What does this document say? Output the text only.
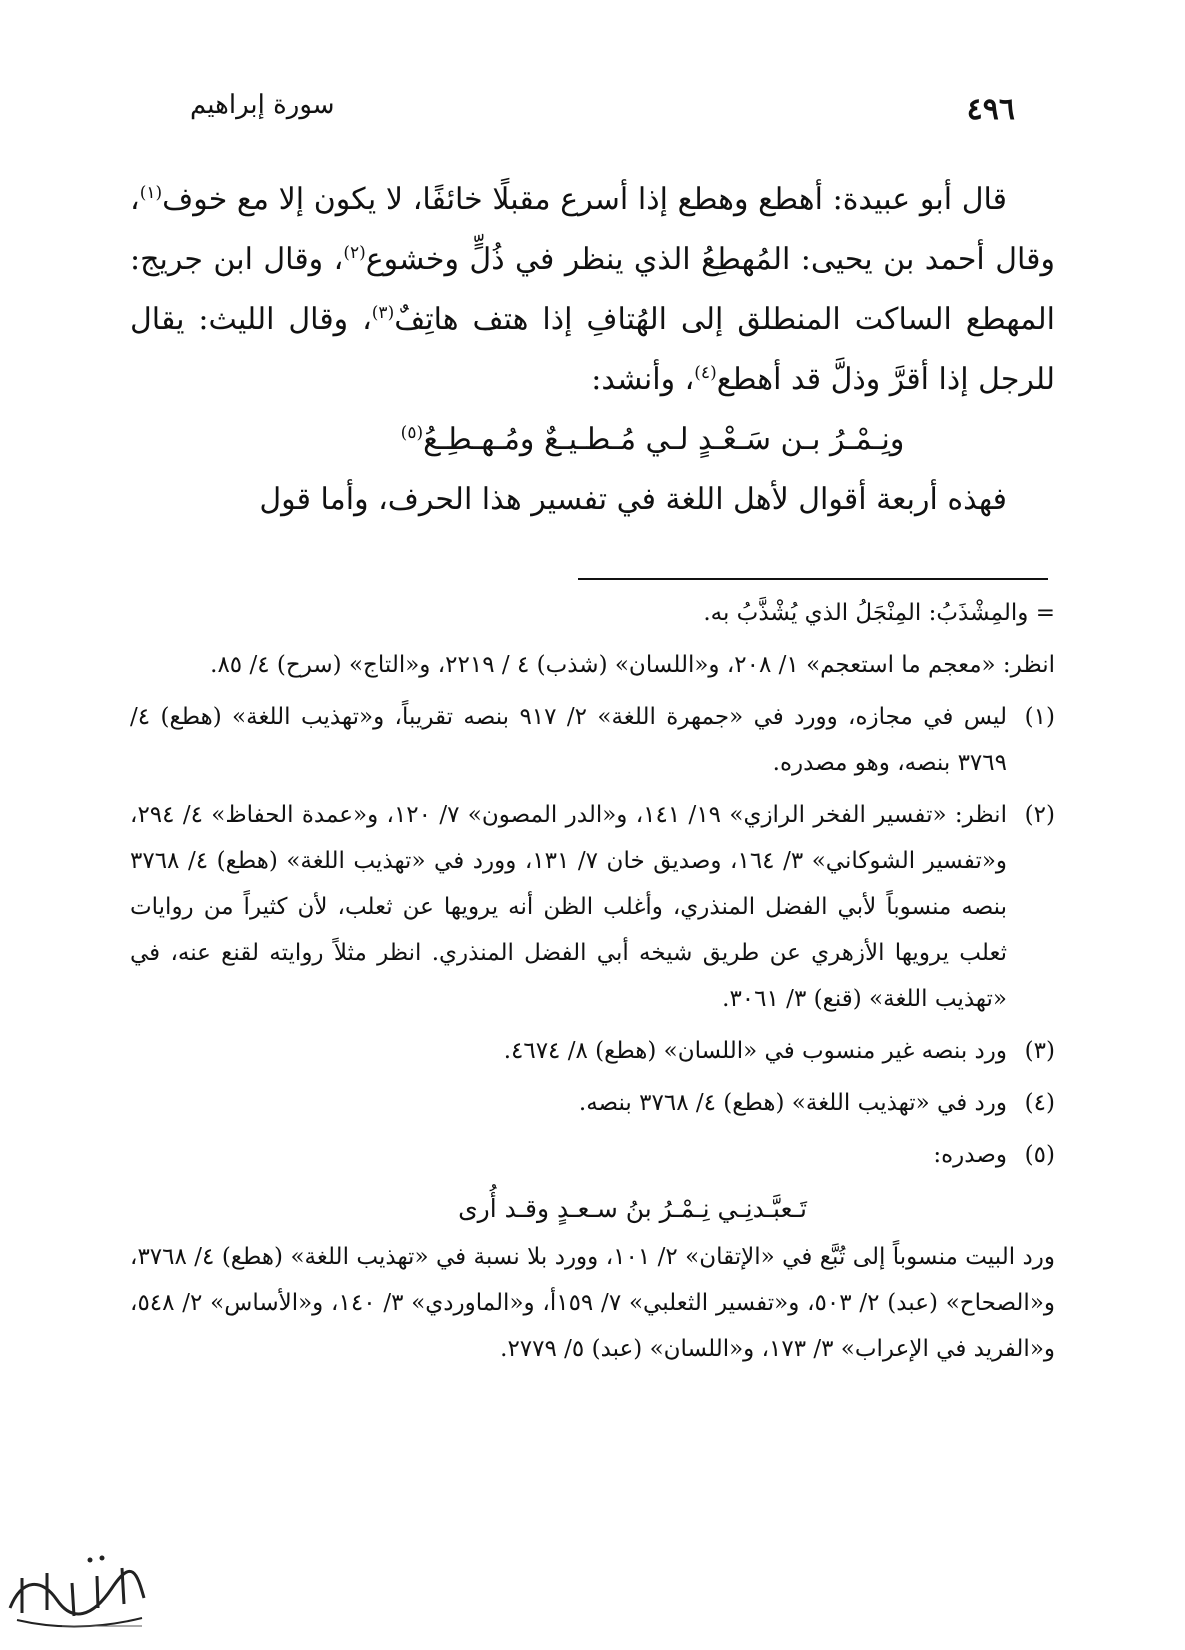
٤٩٦
سورة إبراهيم

قال أبو عبيدة: أهطع وهطع إذا أسرع مقبلًا خائفًا، لا يكون إلا مع خوف$^{(١)}$، وقال أحمد بن يحيى: المُهطِعُ الذي ينظر في ذُلٍّ وخشوع$^{(٢)}$، وقال ابن جريج: المهطع الساكت المنطلق إلى الهُتافِ إذا هتف هاتِفٌ$^{(٣)}$، وقال الليث: يقال للرجل إذا أقرَّ وذلَّ قد أهطع$^{(٤)}$، وأنشد:

ونِـمْـرُ بـن سَـعْـدٍ لـي مُـطـيـعٌ ومُـهـطِـعُ$^{(٥)}$

فهذه أربعة أقوال لأهل اللغة في تفسير هذا الحرف، وأما قول

= والمِشْذَبُ: المِنْجَلُ الذي يُشْذَّبُ به.
انظر: «معجم ما استعجم» ١/ ٢٠٨، و«اللسان» (شذب) ٤ / ٢٢١٩، و«التاج» (سرح) ٤/ ٨٥.
(١)
ليس في مجازه، وورد في «جمهرة اللغة» ٢/ ٩١٧ بنصه تقريباً، و«تهذيب اللغة» (هطع) ٤/ ٣٧٦٩ بنصه، وهو مصدره.
(٢)
انظر: «تفسير الفخر الرازي» ١٩/ ١٤١، و«الدر المصون» ٧/ ١٢٠، و«عمدة الحفاظ» ٤/ ٢٩٤، و«تفسير الشوكاني» ٣/ ١٦٤، وصديق خان ٧/ ١٣١، وورد في «تهذيب اللغة» (هطع) ٤/ ٣٧٦٨ بنصه منسوباً لأبي الفضل المنذري، وأغلب الظن أنه يرويها عن ثعلب، لأن كثيراً من روايات ثعلب يرويها الأزهري عن طريق شيخه أبي الفضل المنذري. انظر مثلاً روايته لقنع عنه، في «تهذيب اللغة» (قنع) ٣/ ٣٠٦١.
(٣)
ورد بنصه غير منسوب في «اللسان» (هطع) ٨/ ٤٦٧٤.
(٤)
ورد في «تهذيب اللغة» (هطع) ٤/ ٣٧٦٨ بنصه.
(٥)
وصدره:
تَـعبَّـدنِـي نِـمْـرُ بنُ سـعـدٍ وقـد أُرى
ورد البيت منسوباً إلى تُبَّع في «الإتقان» ٢/ ١٠١، وورد بلا نسبة في «تهذيب اللغة» (هطع) ٤/ ٣٧٦٨، و«الصحاح» (عبد) ٢/ ٥٠٣، و«تفسير الثعلبي» ٧/ ١٥٩أ، و«الماوردي» ٣/ ١٤٠، و«الأساس» ٢/ ٥٤٨، و«الفريد في الإعراب» ٣/ ١٧٣، و«اللسان» (عبد) ٥/ ٢٧٧٩.
